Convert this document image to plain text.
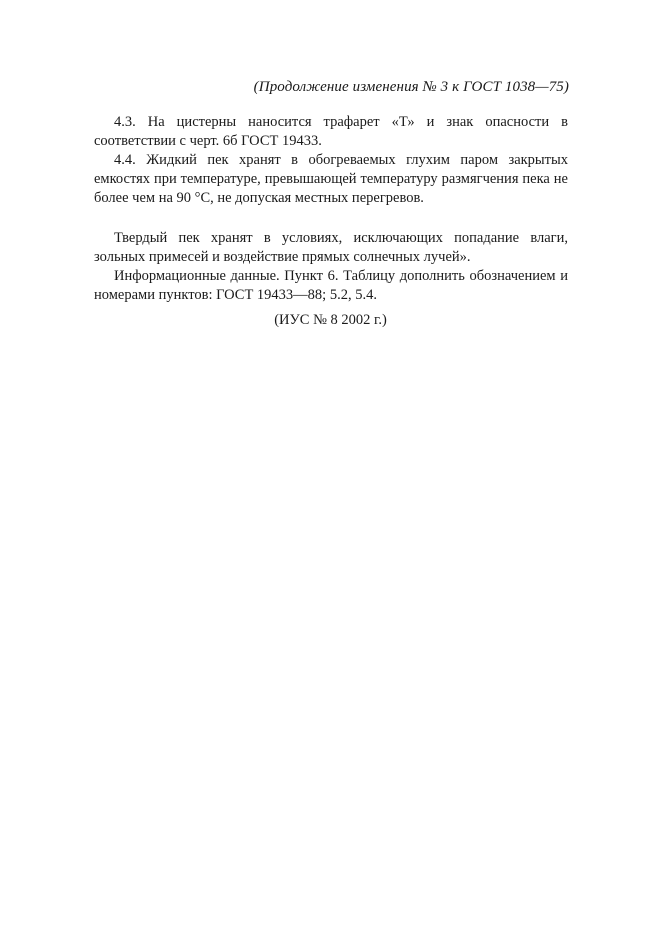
(Продолжение изменения № 3 к ГОСТ 1038—75)

4.3. На цистерны наносится трафарет «Т» и знак опасности в соответствии с черт. 6б ГОСТ 19433.

4.4. Жидкий пек хранят в обогреваемых глухим паром закрытых емкостях при температуре, превышающей температуру размягчения пека не более чем на 90 °С, не допуская местных перегревов.

Твердый пек хранят в условиях, исключающих попадание влаги, зольных примесей и воздействие прямых солнечных лучей».

Информационные данные. Пункт 6. Таблицу дополнить обозначением и номерами пунктов: ГОСТ 19433—88; 5.2, 5.4.

(ИУС № 8 2002 г.)
